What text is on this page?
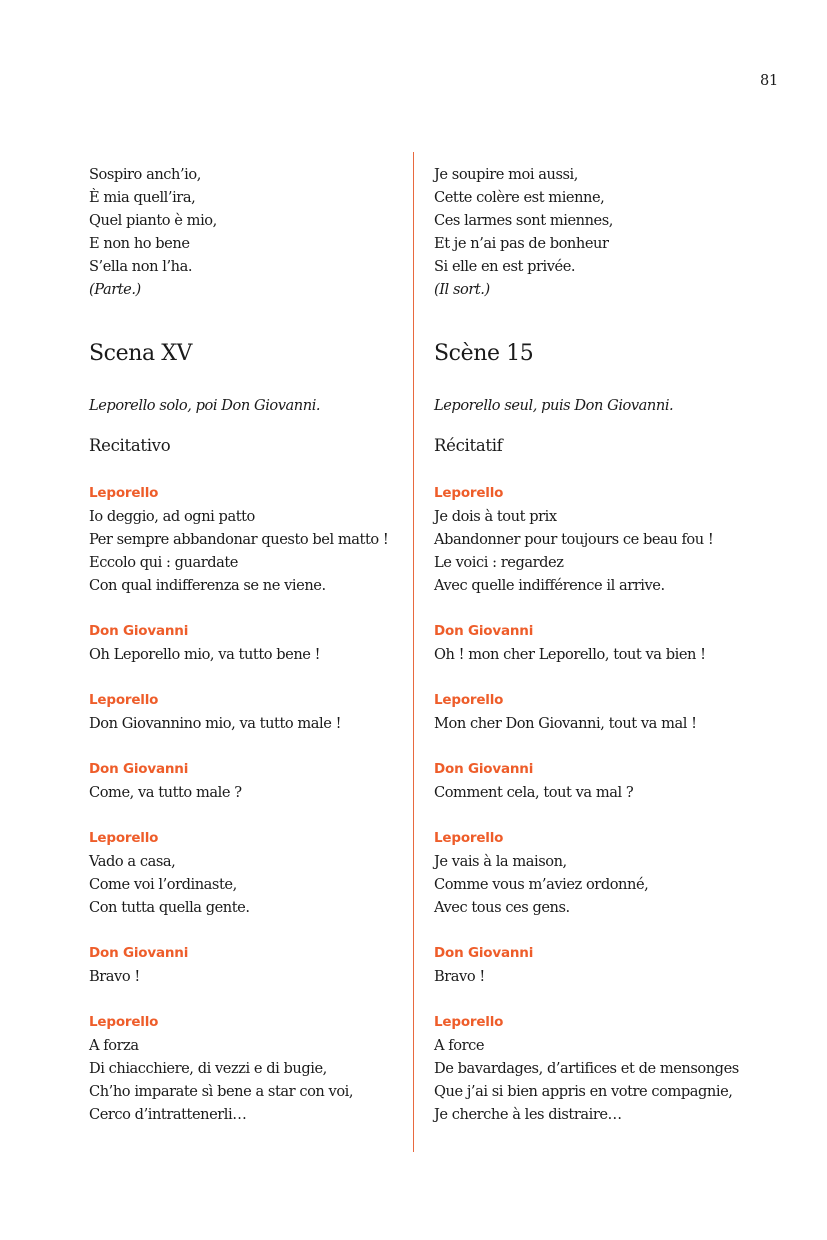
81
Sospiro anch’io,
È mia quell’ira,
Quel pianto è mio,
E non ho bene
S’ella non l’ha.
(Parte.)
Scena XV
Leporello solo, poi Don Giovanni.
Recitativo
Leporello
Io deggio, ad ogni patto
Per sempre abbandonar questo bel matto !
Eccolo qui : guardate
Con qual indifferenza se ne viene.
Don Giovanni
Oh Leporello mio, va tutto bene !
Leporello
Don Giovannino mio, va tutto male !
Don Giovanni
Come, va tutto male ?
Leporello
Vado a casa,
Come voi l’ordinaste,
Con tutta quella gente.
Don Giovanni
Bravo !
Leporello
A forza
Di chiacchiere, di vezzi e di bugie,
Ch’ho imparate sì bene a star con voi,
Cerco d’intrattenerli…
Je soupire moi aussi,
Cette colère est mienne,
Ces larmes sont miennes,
Et je n’ai pas de bonheur
Si elle en est privée.
(Il sort.)
Scène 15
Leporello seul, puis Don Giovanni.
Récitatif
Leporello
Je dois à tout prix
Abandonner pour toujours ce beau fou !
Le voici : regardez
Avec quelle indifférence il arrive.
Don Giovanni
Oh ! mon cher Leporello, tout va bien !
Leporello
Mon cher Don Giovanni, tout va mal !
Don Giovanni
Comment cela, tout va mal ?
Leporello
Je vais à la maison,
Comme vous m’aviez ordonné,
Avec tous ces gens.
Don Giovanni
Bravo !
Leporello
A force
De bavardages, d’artifices et de mensonges
Que j’ai si bien appris en votre compagnie,
Je cherche à les distraire…
